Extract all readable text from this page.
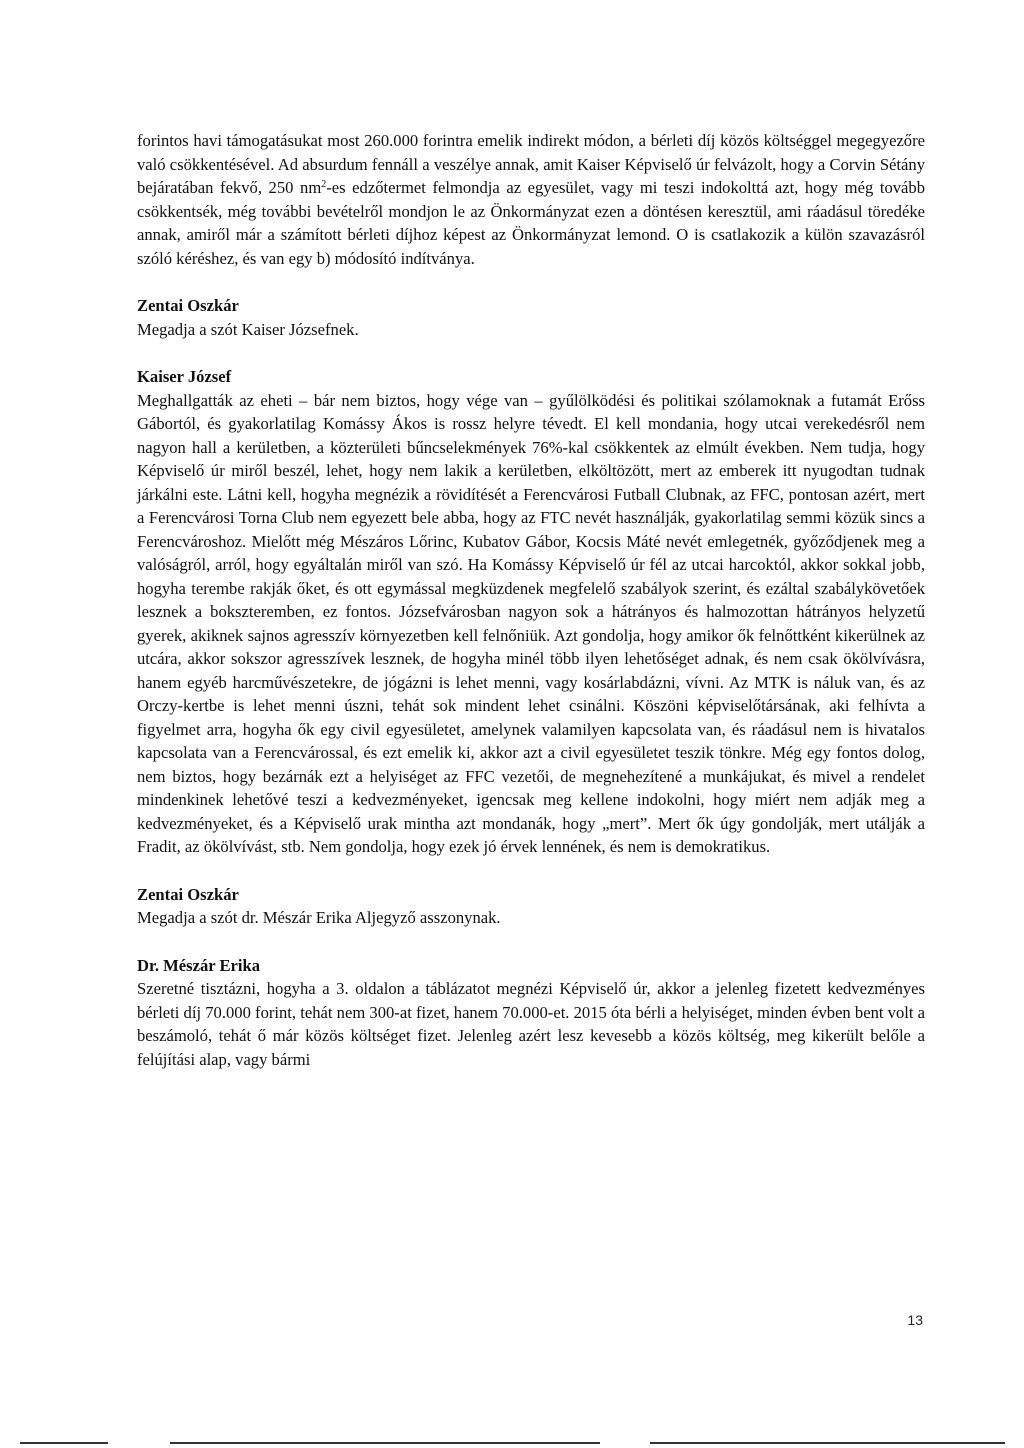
forintos havi támogatásukat most 260.000 forintra emelik indirekt módon, a bérleti díj közös költséggel megegyezőre való csökkentésével. Ad absurdum fennáll a veszélye annak, amit Kaiser Képviselő úr felvázolt, hogy a Corvin Sétány bejáratában fekvő, 250 $nm^2-es$ edzőtermet felmondja az egyesület, vagy mi teszi indokolttá azt, hogy még tovább csökkentsék, még további bevételről mondjon le az Önkormányzat ezen a döntésen keresztül, ami ráadásul töredéke annak, amiről már a számított bérleti díjhoz képest az Önkormányzat lemond. O is csatlakozik a külön szavazásról szóló kéréshez, és van egy b) módosító indítványa.

Zentai Oszkár

Megadja a szót Kaiser Józsefnek.

Kaiser József

Meghallgatták az eheti – bár nem biztos, hogy vége van – gyűlölködési és politikai szólamoknak a futamát Erőss Gábortól, és gyakorlatilag Komássy Ákos is rossz helyre tévedt. El kell mondania, hogy utcai verekedésről nem nagyon hall a kerületben, a közterületi bűncselekmények 76%-kal csökkentek az elmúlt években. Nem tudja, hogy Képviselő úr miről beszél, lehet, hogy nem lakik a kerületben, elköltözött, mert az emberek itt nyugodtan tudnak járkálni este. Látni kell, hogyha megnézik a rövidítését a Ferencvárosi Futball Clubnak, az FFC, pontosan azért, mert a Ferencvárosi Torna Club nem egyezett bele abba, hogy az FTC nevét használják, gyakorlatilag semmi közük sincs a Ferencvároshoz. Mielőtt még Mészáros Lőrinc, Kubatov Gábor, Kocsis Máté nevét emlegetnék, győződjenek meg a valóságról, arról, hogy egyáltalán miről van szó. Ha Komássy Képviselő úr fél az utcai harcoktól, akkor sokkal jobb, hogyha terembe rakják őket, és ott egymással megküzdenek megfelelő szabályok szerint, és ezáltal szabálykövetőek lesznek a bokszteremben, ez fontos. Józsefvárosban nagyon sok a hátrányos és halmozottan hátrányos helyzetű gyerek, akiknek sajnos agresszív környezetben kell felnőniük. Azt gondolja, hogy amikor ők felnőttként kikerülnek az utcára, akkor sokszor agresszívek lesznek, de hogyha minél több ilyen lehetőséget adnak, és nem csak ökölvívásra, hanem egyéb harcművészetekre, de jógázni is lehet menni, vagy kosárlabdázni, vívni. Az MTK is náluk van, és az Orczy-kertbe is lehet menni úszni, tehát sok mindent lehet csinálni. Köszöni képviselőtársának, aki felhívta a figyelmet arra, hogyha ők egy civil egyesületet, amelynek valamilyen kapcsolata van, és ráadásul nem is hivatalos kapcsolata van a Ferencvárossal, és ezt emelik ki, akkor azt a civil egyesületet teszik tönkre. Még egy fontos dolog, nem biztos, hogy bezárnák ezt a helyiséget az FFC vezetői, de megnehezítené a munkájukat, és mivel a rendelet mindenkinek lehetővé teszi a kedvezményeket, igencsak meg kellene indokolni, hogy miért nem adják meg a kedvezményeket, és a Képviselő urak mintha azt mondanák, hogy „mert”. Mert ők úgy gondolják, mert utálják a Fradit, az ökölvívást, stb. Nem gondolja, hogy ezek jó érvek lennének, és nem is demokratikus.

Zentai Oszkár

Megadja a szót dr. Mészár Erika Aljegyző asszonynak.

Dr. Mészár Erika

Szeretné tisztázni, hogyha a 3. oldalon a táblázatot megnézi Képviselő úr, akkor a jelenleg fizetett kedvezményes bérleti díj 70.000 forint, tehát nem 300-at fizet, hanem 70.000-et. 2015 óta bérli a helyiséget, minden évben bent volt a beszámoló, tehát ő már közös költséget fizet. Jelenleg azért lesz kevesebb a közös költség, meg kikerült belőle a felújítási alap, vagy bármi

13
